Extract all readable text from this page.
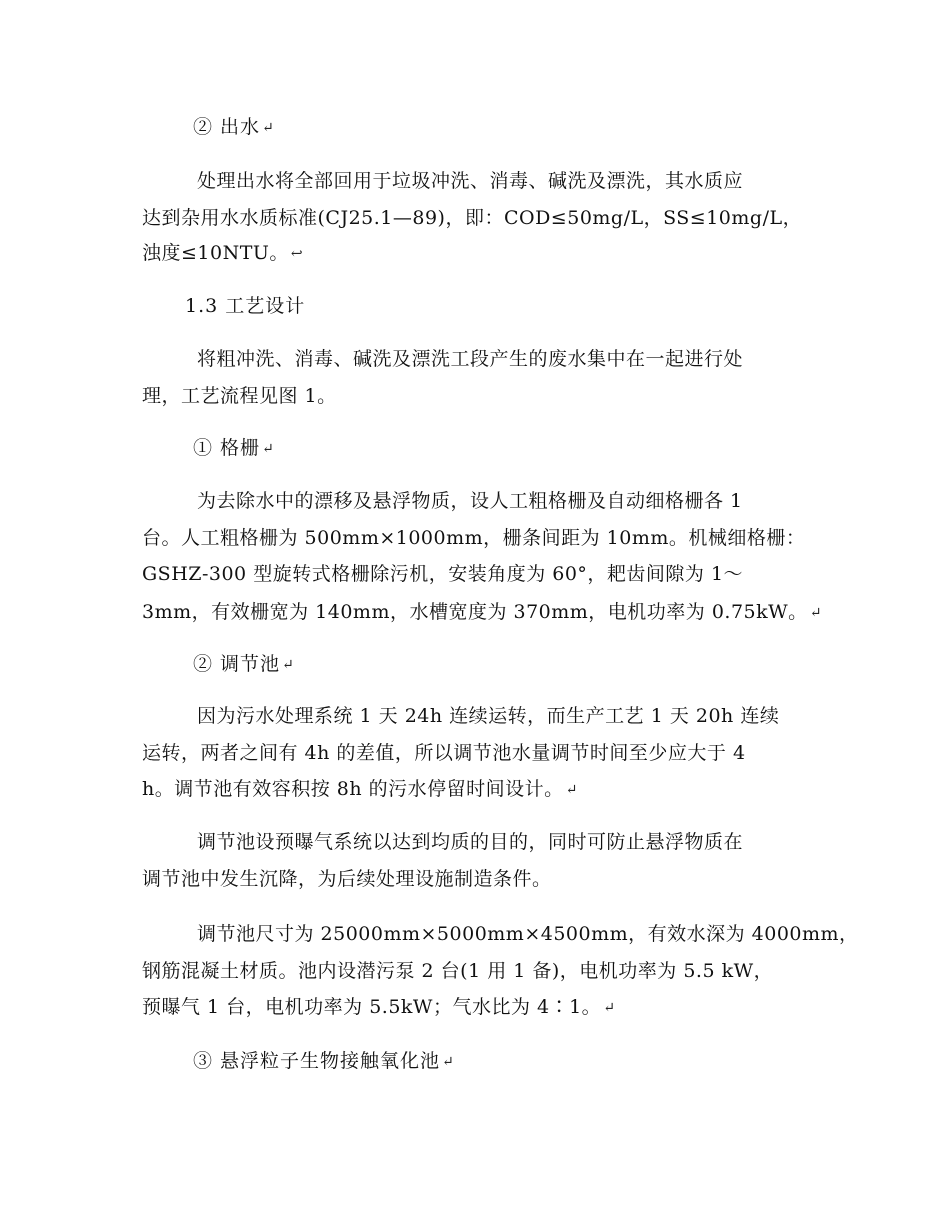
② 出水 ↵
处理出水将全部回用于垃圾冲洗、消毒、碱洗及漂洗，其水质应
达到杂用水水质标准(CJ25.1—89)，即：COD≤50mg/L，SS≤10mg/L，
浊度≤10NTU。 ↩
1.3 工艺设计
将粗冲洗、消毒、碱洗及漂洗工段产生的废水集中在一起进行处
理，工艺流程见图 1。
① 格栅 ↵
为去除水中的漂移及悬浮物质，设人工粗格栅及自动细格栅各 1
台。人工粗格栅为 500mm×1000mm，栅条间距为 10mm。机械细格栅：
GSHZ-300 型旋转式格栅除污机，安装角度为 60°，耙齿间隙为 1～
3mm，有效栅宽为 140mm，水槽宽度为 370mm，电机功率为 0.75kW。 ↵
② 调节池 ↵
因为污水处理系统 1 天 24h 连续运转，而生产工艺 1 天 20h 连续
运转，两者之间有 4h 的差值，所以调节池水量调节时间至少应大于 4
h。调节池有效容积按 8h 的污水停留时间设计。 ↵
调节池设预曝气系统以达到均质的目的，同时可防止悬浮物质在
调节池中发生沉降，为后续处理设施制造条件。
调节池尺寸为 25000mm×5000mm×4500mm，有效水深为 4000mm，
钢筋混凝土材质。池内设潜污泵 2 台(1 用 1 备)，电机功率为 5.5 kW，
预曝气 1 台，电机功率为 5.5kW；气水比为 4∶1。 ↵
③ 悬浮粒子生物接触氧化池 ↵
